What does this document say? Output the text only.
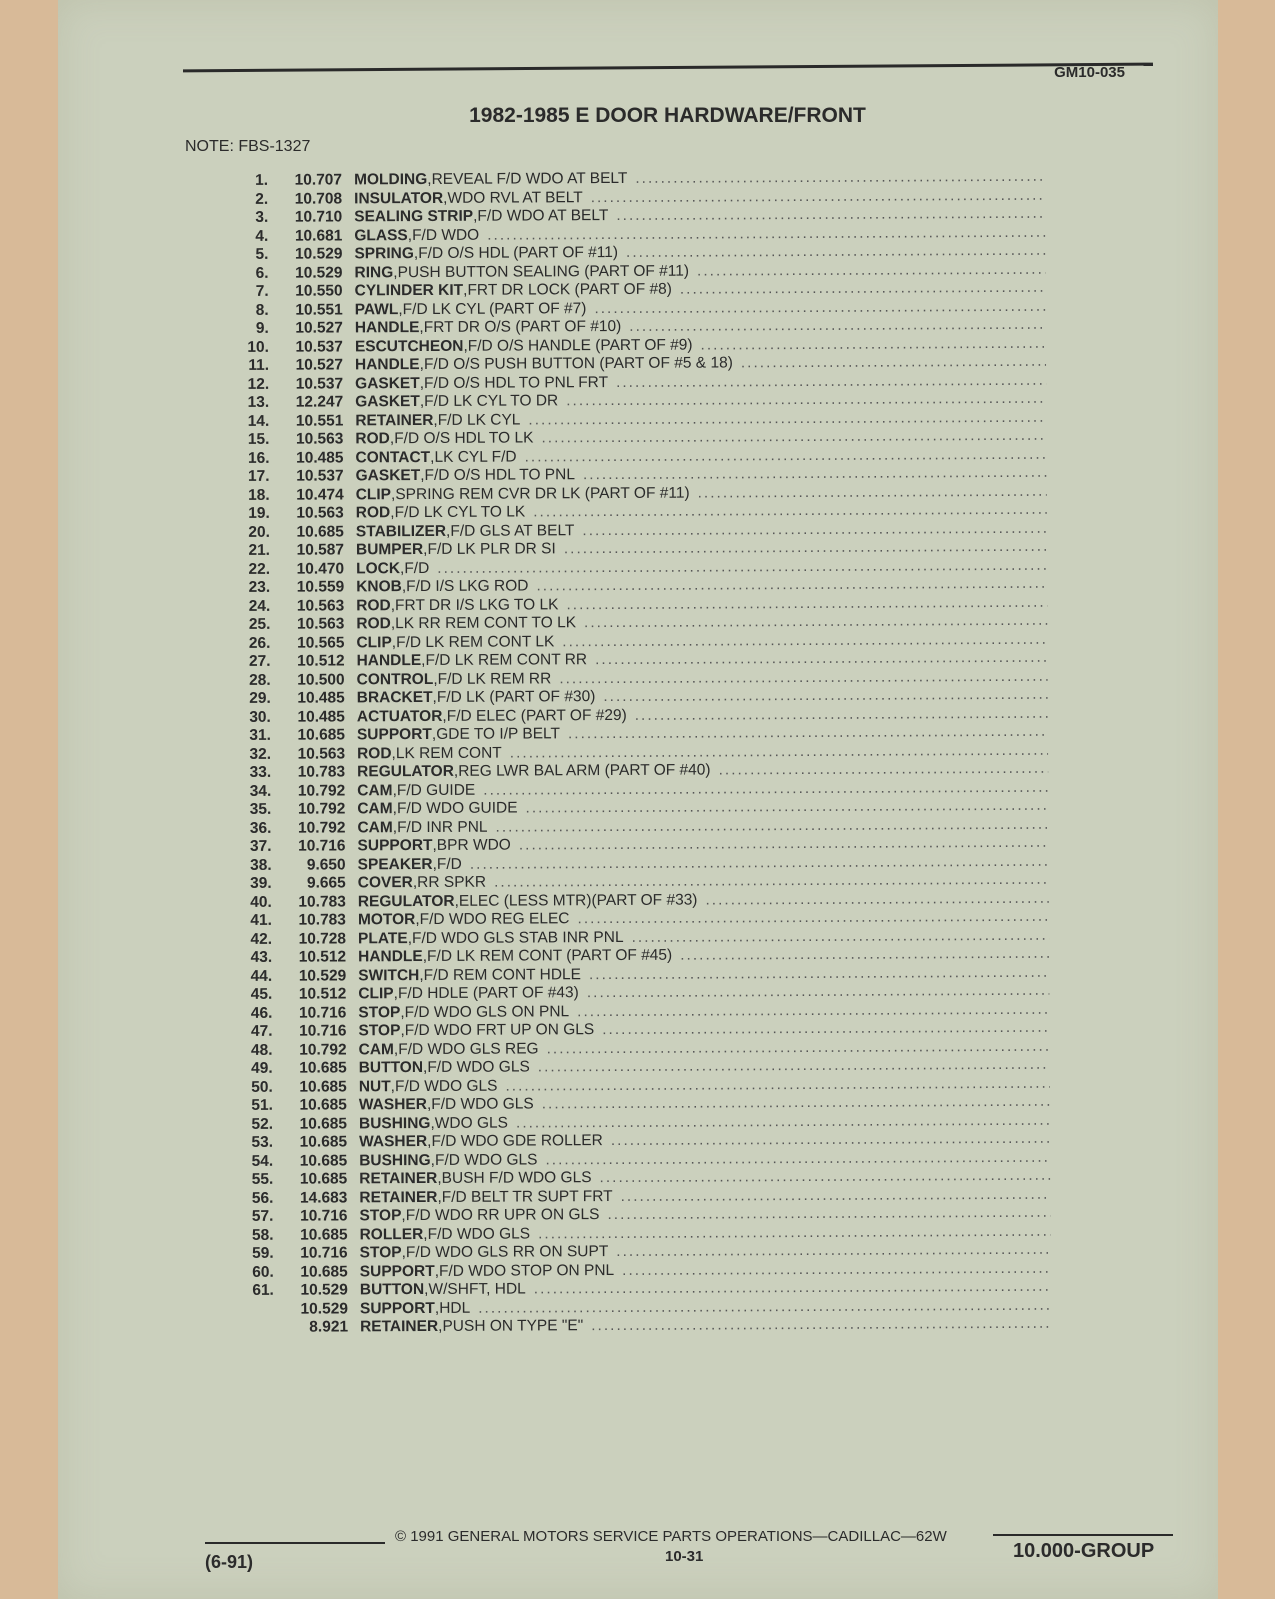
GM10-035
1982-1985 E DOOR HARDWARE/FRONT
NOTE: FBS-1327
1.	10.707 MOLDING , REVEAL F/D WDO AT BELT
.....
2.	10.708 INSULATOR , WDO RVL AT BELT
.....
3.	10.710 SEALING STRIP , F/D WDO AT BELT
.....
4.	10.681 GLASS , F/D WDO
.....
5.	10.529 SPRING , F/D O/S HDL (PART OF #11)
.....
6.	10.529 RING , PUSH BUTTON SEALING (PART OF #11)
.....
7.	10.550 CYLINDER KIT , FRT DR LOCK (PART OF #8)
.....
8.	10.551 PAWL , F/D LK CYL (PART OF #7)
.....
9.	10.527 HANDLE , FRT DR O/S (PART OF #10)
.....
10.	10.537 ESCUTCHEON , F/D O/S HANDLE (PART OF #9)
.....
11.	10.527 HANDLE , F/D O/S PUSH BUTTON (PART OF #5 & 18)
.....
12.	10.537 GASKET , F/D O/S HDL TO PNL FRT
.....
13.	12.247 GASKET , F/D LK CYL TO DR
.....
14.	10.551 RETAINER , F/D LK CYL
.....
15.	10.563 ROD , F/D O/S HDL TO LK
.....
16.	10.485 CONTACT , LK CYL F/D
.....
17.	10.537 GASKET , F/D O/S HDL TO PNL
.....
18.	10.474 CLIP , SPRING REM CVR DR LK (PART OF #11)
.....
19.	10.563 ROD , F/D LK CYL TO LK
.....
20.	10.685 STABILIZER , F/D GLS AT BELT
.....
21.	10.587 BUMPER , F/D LK PLR DR SI
.....
22.	10.470 LOCK , F/D
.....
23.	10.559 KNOB , F/D I/S LKG ROD
.....
24.	10.563 ROD , FRT DR I/S LKG TO LK
.....
25.	10.563 ROD , LK RR REM CONT TO LK
.....
26.	10.565 CLIP , F/D LK REM CONT LK
.....
27.	10.512 HANDLE , F/D LK REM CONT RR
.....
28.	10.500 CONTROL , F/D LK REM RR
.....
29.	10.485 BRACKET , F/D LK (PART OF #30)
.....
30.	10.485 ACTUATOR , F/D ELEC (PART OF #29)
.....
31.	10.685 SUPPORT , GDE TO I/P BELT
.....
32.	10.563 ROD , LK REM CONT
.....
33.	10.783 REGULATOR , REG LWR BAL ARM (PART OF #40)
.....
34.	10.792 CAM , F/D GUIDE
.....
35.	10.792 CAM , F/D WDO GUIDE
.....
36.	10.792 CAM , F/D INR PNL
.....
37.	10.716 SUPPORT , BPR WDO
.....
38.	9.650 SPEAKER , F/D
.....
39.	9.665 COVER , RR SPKR
.....
40.	10.783 REGULATOR , ELEC (LESS MTR)(PART OF #33)
.....
41.	10.783 MOTOR , F/D WDO REG ELEC
.....
42.	10.728 PLATE , F/D WDO GLS STAB INR PNL
.....
43.	10.512 HANDLE , F/D LK REM CONT (PART OF #45)
.....
44.	10.529 SWITCH , F/D REM CONT HDLE
.....
45.	10.512 CLIP , F/D HDLE (PART OF #43)
.....
46.	10.716 STOP , F/D WDO GLS ON PNL
.....
47.	10.716 STOP , F/D WDO FRT UP ON GLS
.....
48.	10.792 CAM , F/D WDO GLS REG
.....
49.	10.685 BUTTON , F/D WDO GLS
.....
50.	10.685 NUT , F/D WDO GLS
.....
51.	10.685 WASHER , F/D WDO GLS
.....
52.	10.685 BUSHING , WDO GLS
.....
53.	10.685 WASHER , F/D WDO GDE ROLLER
.....
54.	10.685 BUSHING , F/D WDO GLS
.....
55.	10.685 RETAINER , BUSH F/D WDO GLS
.....
56.	14.683 RETAINER , F/D BELT TR SUPT FRT
.....
57.	10.716 STOP , F/D WDO RR UPR ON GLS
.....
58.	10.685 ROLLER , F/D WDO GLS
.....
59.	10.716 STOP , F/D WDO GLS RR ON SUPT
.....
60.	10.685 SUPPORT , F/D WDO STOP ON PNL
.....
61.	10.529 BUTTON , W/SHFT, HDL
.....
10.529 SUPPORT , HDL
.....
8.921 RETAINER , PUSH ON TYPE "E"
.....
© 1991 GENERAL MOTORS SERVICE PARTS OPERATIONS—CADILLAC—62W
(6-91)	10-31	10.000-GROUP
